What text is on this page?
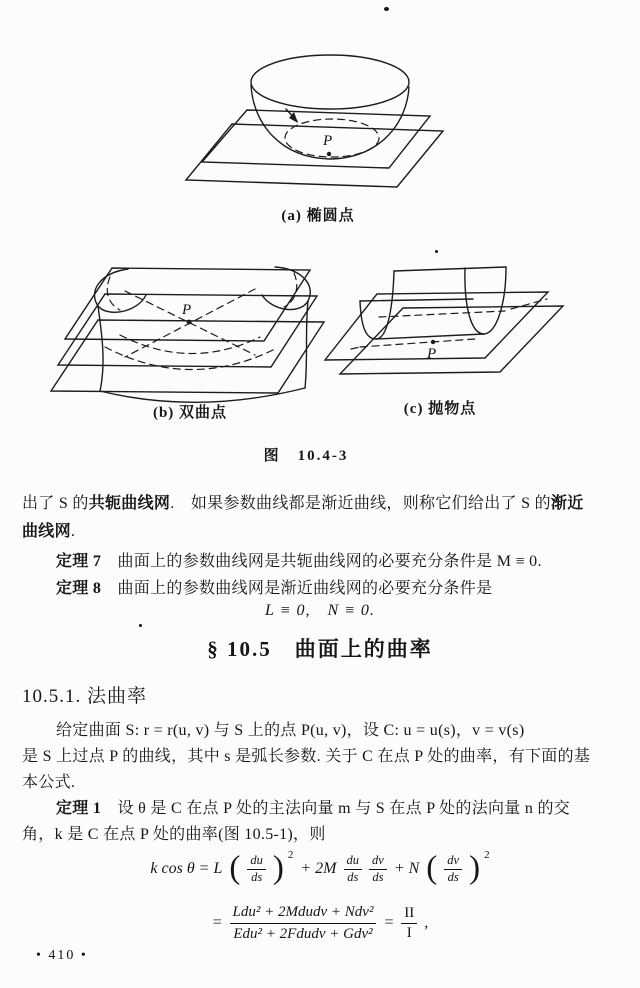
P
(a) 椭圆点
P
(b) 双曲点
P
(c) 抛物点
图　10.4-3
出了 S 的共轭曲线网.　如果参数曲线都是渐近曲线，则称它们给出了 S 的渐近
曲线网.
定理 7　曲面上的参数曲线网是共轭曲线网的必要充分条件是 M ≡ 0.
定理 8　曲面上的参数曲线网是渐近曲线网的必要充分条件是
L ≡ 0,　N ≡ 0.
§ 10.5　曲面上的曲率
10.5.1. 法曲率
给定曲面 S: r = r(u, v) 与 S 上的点 P(u, v)，设 C: u = u(s)，v = v(s)
是 S 上过点 P 的曲线，其中 s 是弧长参数. 关于 C 在点 P 处的曲率，有下面的基
本公式.
定理 1　设 θ 是 C 在点 P 处的主法向量 m 与 S 在点 P 处的法向量 n 的交
角，k 是 C 在点 P 处的曲率(图 10.5-1)，则
k cos θ = L ( $\frac{du}{ds}$ ) 2
+ $2M \frac{du}{ds} \frac{dv}{ds} + N$ ( $\frac{dv}{ds}$ ) 2
= $\frac{\text{Ldu² + 2Mdudv + Ndv²}}{\text{Edu² + 2Fdudv + Gdv²}} = \frac{II}{I}$ ,
• 410 •
